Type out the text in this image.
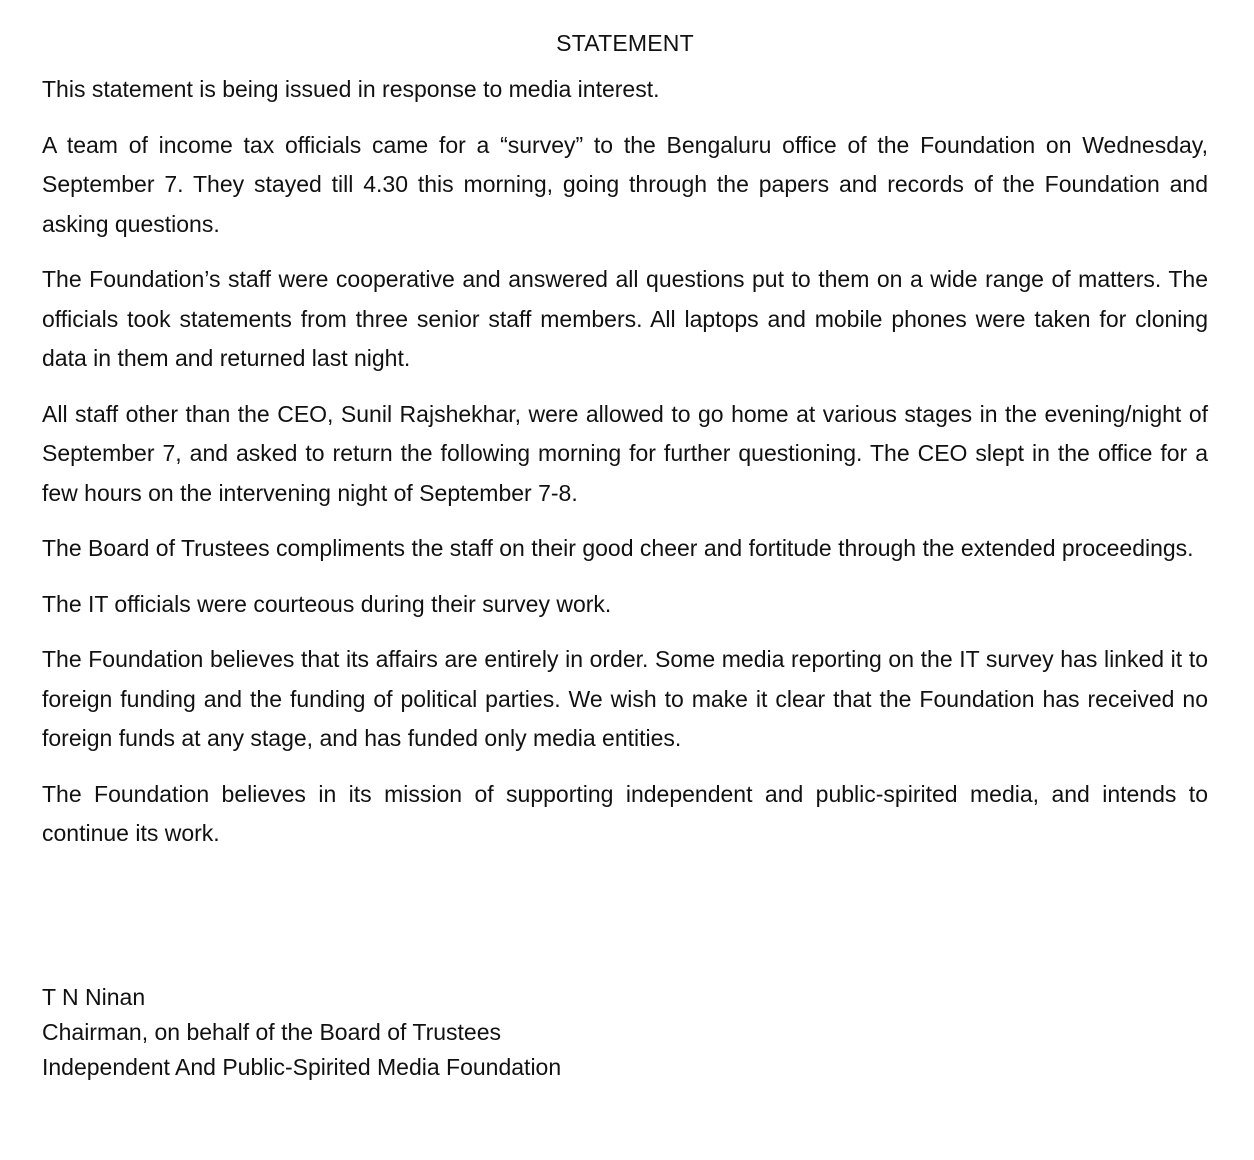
STATEMENT

This statement is being issued in response to media interest.

A team of income tax officials came for a “survey” to the Bengaluru office of the Foundation on Wednesday, September 7. They stayed till 4.30 this morning, going through the papers and records of the Foundation and asking questions.

The Foundation’s staff were cooperative and answered all questions put to them on a wide range of matters. The officials took statements from three senior staff members. All laptops and mobile phones were taken for cloning data in them and returned last night.

All staff other than the CEO, Sunil Rajshekhar, were allowed to go home at various stages in the evening/night of September 7, and asked to return the following morning for further questioning. The CEO slept in the office for a few hours on the intervening night of September 7-8.

The Board of Trustees compliments the staff on their good cheer and fortitude through the extended proceedings.

The IT officials were courteous during their survey work.

The Foundation believes that its affairs are entirely in order. Some media reporting on the IT survey has linked it to foreign funding and the funding of political parties. We wish to make it clear that the Foundation has received no foreign funds at any stage, and has funded only media entities.

The Foundation believes in its mission of supporting independent and public-spirited media, and intends to continue its work.

T N Ninan
Chairman, on behalf of the Board of Trustees
Independent And Public-Spirited Media Foundation
